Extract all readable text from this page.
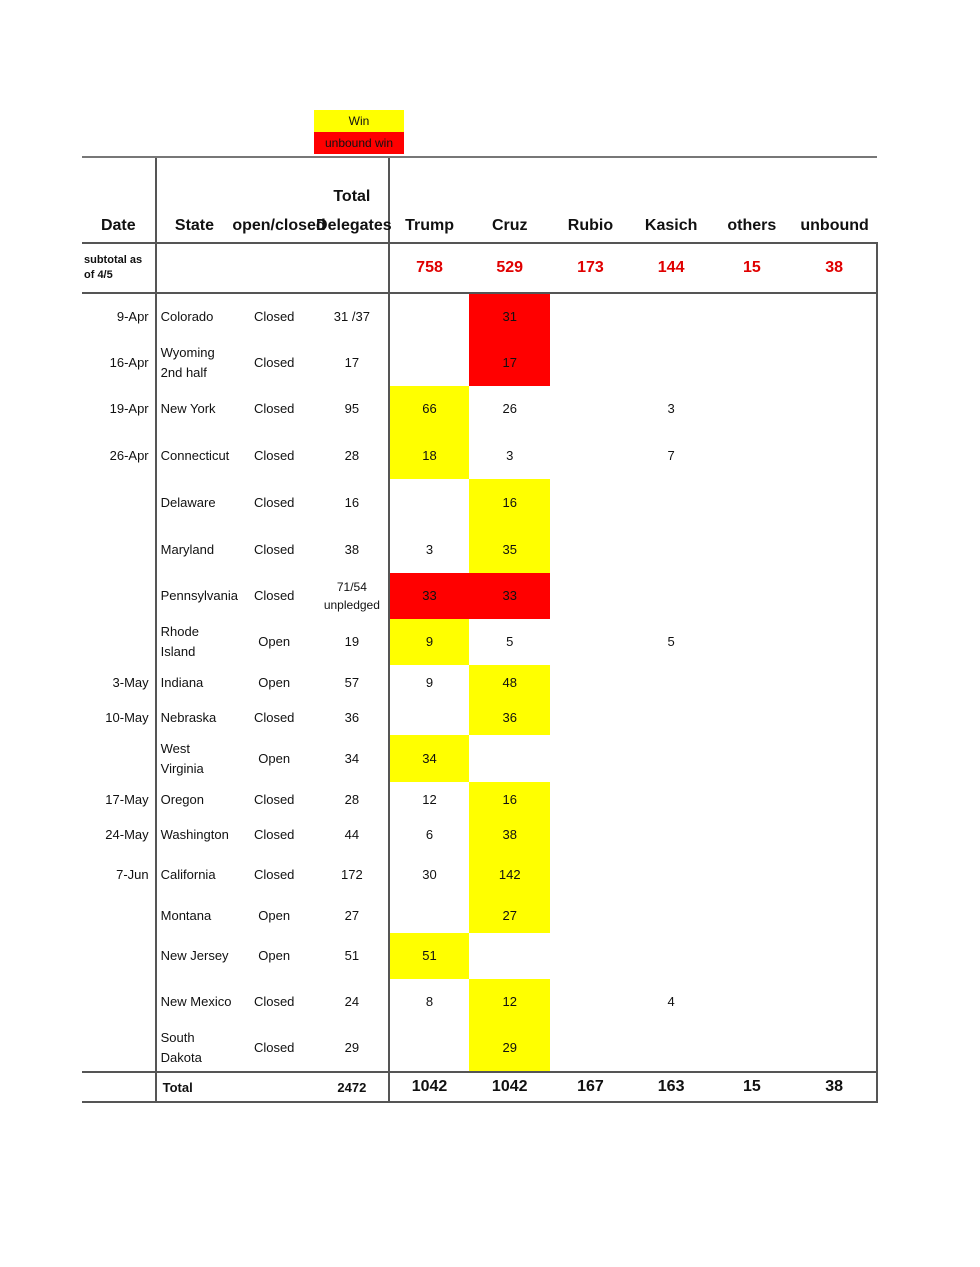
Win
unbound win
Date	State	open/closed	Total Delegates	Trump	Cruz	Rubio	Kasich	others	unbound
subtotal as of 4/5				758	529	173	144	15	38
9-Apr	Colorado	Closed	31 /37		31				
16-Apr	Wyoming 2nd half	Closed	17		17				
19-Apr	New York	Closed	95	66	26		3		
26-Apr	Connecticut	Closed	28	18	3		7		
	Delaware	Closed	16		16				
	Maryland	Closed	38	3	35				
	Pennsylvania	Closed	71/54 unpledged	33	33				
	Rhode Island	Open	19	9	5		5		
3-May	Indiana	Open	57	9	48				
10-May	Nebraska	Closed	36		36				
	West Virginia	Open	34	34					
17-May	Oregon	Closed	28	12	16				
24-May	Washington	Closed	44	6	38				
7-Jun	California	Closed	172	30	142				
	Montana	Open	27		27				
	New Jersey	Open	51	51					
	New Mexico	Closed	24	8	12		4		
	South Dakota	Closed	29		29				
	Total		2472	1042	1042	167	163	15	38
